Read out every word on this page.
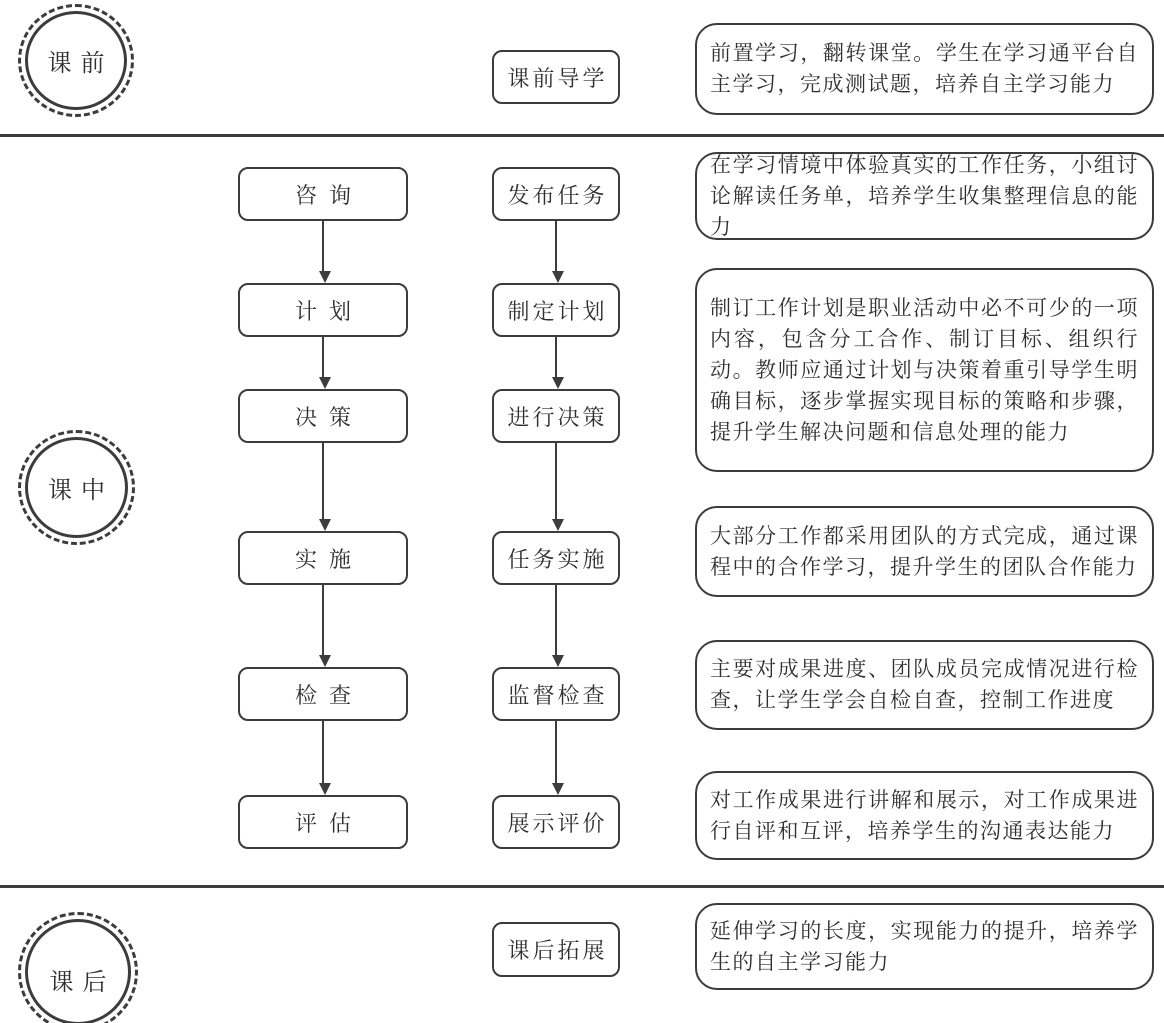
课前
课前导学
前置学习，翻转课堂。学生在学习通平台自主学习，完成测试题，培养自主学习能力
课中
咨询
计划
决策
实施
检查
评估
发布任务
制定计划
进行决策
任务实施
监督检查
展示评价
在学习情境中体验真实的工作任务，小组讨论解读任务单，培养学生收集整理信息的能力
制订工作计划是职业活动中必不可少的一项内容，包含分工合作、制订目标、组织行动。教师应通过计划与决策着重引导学生明确目标，逐步掌握实现目标的策略和步骤，提升学生解决问题和信息处理的能力
大部分工作都采用团队的方式完成，通过课程中的合作学习，提升学生的团队合作能力
主要对成果进度、团队成员完成情况进行检查，让学生学会自检自查，控制工作进度
对工作成果进行讲解和展示，对工作成果进行自评和互评，培养学生的沟通表达能力
课后
课后拓展
延伸学习的长度，实现能力的提升，培养学生的自主学习能力
